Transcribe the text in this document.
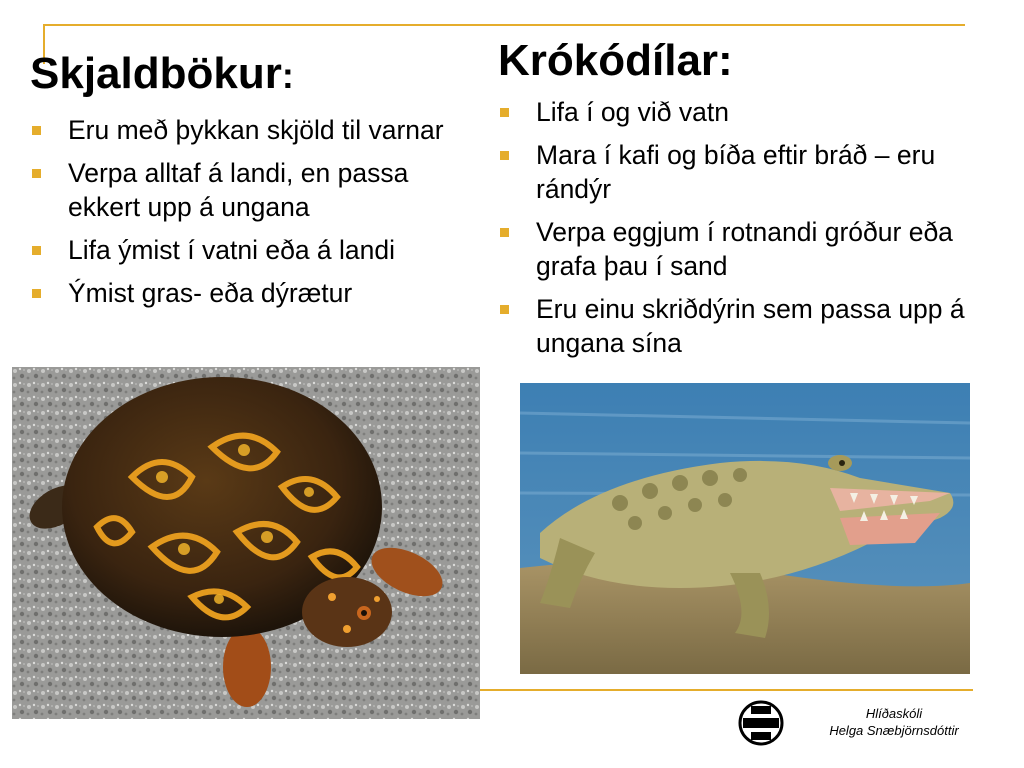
Skjaldbökur:
Eru með þykkan skjöld til varnar
Verpa alltaf á landi, en passa ekkert upp á ungana
Lifa ýmist í vatni eða á landi
Ýmist gras- eða dýrætur
Krókódílar:
Lifa í og við vatn
Mara í kafi og bíða eftir bráð – eru rándýr
Verpa eggjum í rotnandi gróður eða grafa þau í sand
Eru einu skriðdýrin sem passa upp á ungana sína
Hlíðaskóli
Helga Snæbjörnsdóttir
